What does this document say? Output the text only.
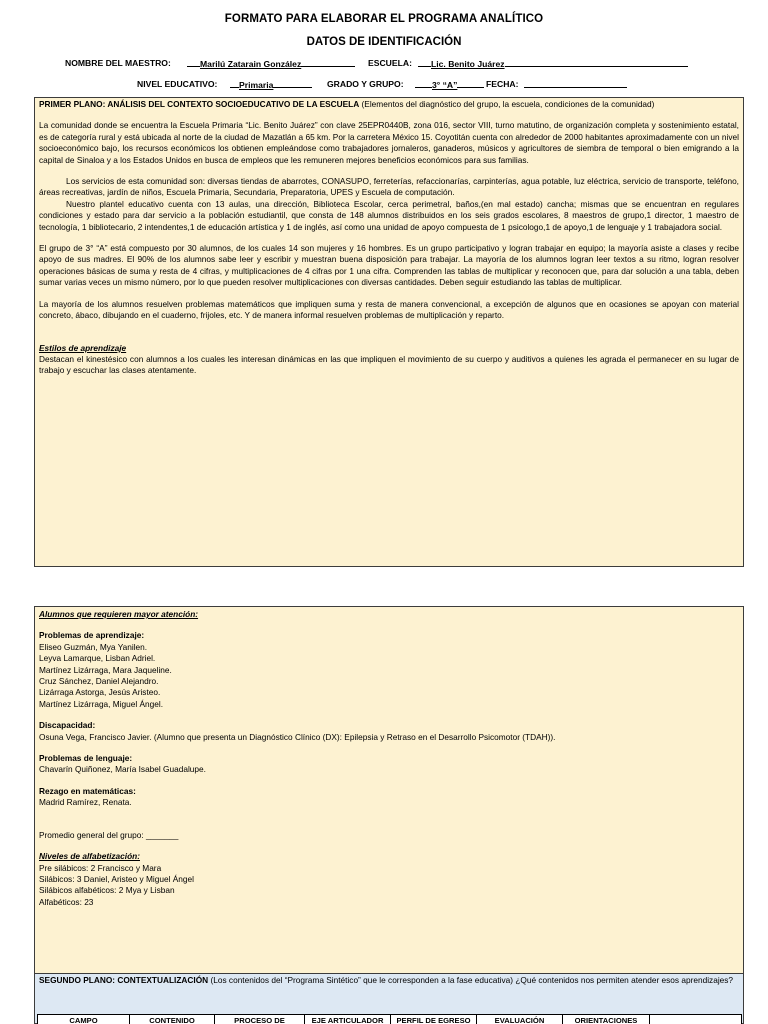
FORMATO PARA ELABORAR EL PROGRAMA ANALÍTICO
DATOS DE IDENTIFICACIÓN
NOMBRE DEL MAESTRO:	Marilú Zatarain González	ESCUELA:	Lic. Benito Juárez
NIVEL EDUCATIVO:	Primaria	GRADO Y GRUPO:	3° “A”	FECHA:

PRIMER PLANO: ANÁLISIS DEL CONTEXTO SOCIOEDUCATIVO DE LA ESCUELA (Elementos del diagnóstico del grupo, la escuela, condiciones de la comunidad)

La comunidad donde se encuentra la Escuela Primaria “Lic. Benito Juárez” con clave 25EPR0440B, zona 016, sector VIII, turno matutino, de organización completa y sostenimiento estatal, es de categoría rural y está ubicada al norte de la ciudad de Mazatlán a 65 km. Por la carretera México 15. Coyotitán cuenta con alrededor de 2000 habitantes aproximadamente con un nivel socioeconómico bajo, los recursos económicos los obtienen empleándose como trabajadores jornaleros, ganaderos, músicos y agricultores de siembra de temporal o bien emigrando a la capital de Sinaloa y a los Estados Unidos en busca de empleos que les remuneren mejores beneficios económicos para sus familias.

Los servicios de esta comunidad son: diversas tiendas de abarrotes, CONASUPO, ferreterías, refaccionarías, carpinterías, agua potable, luz eléctrica, servicio de transporte, teléfono, áreas recreativas, jardín de niños, Escuela Primaria, Secundaria, Preparatoria, UPES y Escuela de computación.

Nuestro plantel educativo cuenta con 13 aulas, una dirección, Biblioteca Escolar, cerca perimetral, baños,(en mal estado) cancha; mismas que se encuentran en regulares condiciones y estado para dar servicio a la población estudiantil, que consta de 148 alumnos distribuidos en los seis grados escolares, 8 maestros de grupo,1 director, 1 maestro de tecnología, 1 bibliotecario, 2 intendentes,1 de educación artística y 1 de inglés, así como una unidad de apoyo compuesta de 1 psicologo,1 de apoyo,1 de lenguaje y 1 trabajadora social.

El grupo de 3° “A” está compuesto por 30 alumnos, de los cuales 14 son mujeres y 16 hombres. Es un grupo participativo y logran trabajar en equipo; la mayoría asiste a clases y recibe apoyo de sus madres. El 90% de los alumnos sabe leer y escribir y muestran buena disposición para trabajar. La mayoría de los alumnos logran leer textos a su ritmo, logran resolver operaciones básicas de suma y resta de 4 cifras, y multiplicaciones de 4 cifras por 1 una cifra. Comprenden las tablas de multiplicar y reconocen que, para dar solución a una tabla, deben sumar varias veces un mismo número, por lo que pueden resolver multiplicaciones con diversas cantidades. Deben seguir estudiando las tablas de multiplicar.

La mayoría de los alumnos resuelven problemas matemáticos que impliquen suma y resta de manera convencional, a excepción de algunos que en ocasiones se apoyan con material concreto, ábaco, dibujando en el cuaderno, frijoles, etc. Y de manera informal resuelven problemas de multiplicación y reparto.

Estilos de aprendizaje

Destacan el kinestésico con alumnos a los cuales les interesan dinámicas en las que impliquen el movimiento de su cuerpo y auditivos a quienes les agrada el permanecer en su lugar de trabajo y escuchar las clases atentamente.

Alumnos que requieren mayor atención:

Problemas de aprendizaje:

Eliseo Guzmán, Mya Yanilen.

Leyva Lamarque, Lisban Adriel.

Martínez Lizárraga, Mara Jaqueline.

Cruz Sánchez, Daniel Alejandro.

Lizárraga Astorga, Jesús Aristeo.

Martínez Lizárraga, Miguel Ángel.

Discapacidad:

Osuna Vega, Francisco Javier. (Alumno que presenta un Diagnóstico Clínico (DX): Epilepsia y Retraso en el Desarrollo Psicomotor (TDAH)).

Problemas de lenguaje:

Chavarín Quiñonez, María Isabel Guadalupe.

Rezago en matemáticas:

Madrid Ramírez, Renata.

Promedio general del grupo: _______

Niveles de alfabetización:

Pre silábicos: 2 Francisco y Mara

Silábicos: 3 Daniel, Aristeo y Miguel Ángel

Silábicos alfabéticos: 2 Mya y Lisban

Alfabéticos: 23

SEGUNDO PLANO: CONTEXTUALIZACIÓN (Los contenidos del “Programa Sintético” que le corresponden a la fase educativa) ¿Qué contenidos nos permiten atender esos aprendizajes?

CAMPO	CONTENIDO	PROCESO DE	EJE ARTICULADOR	PERFIL DE EGRESO	EVALUACIÓN	ORIENTACIONES	
